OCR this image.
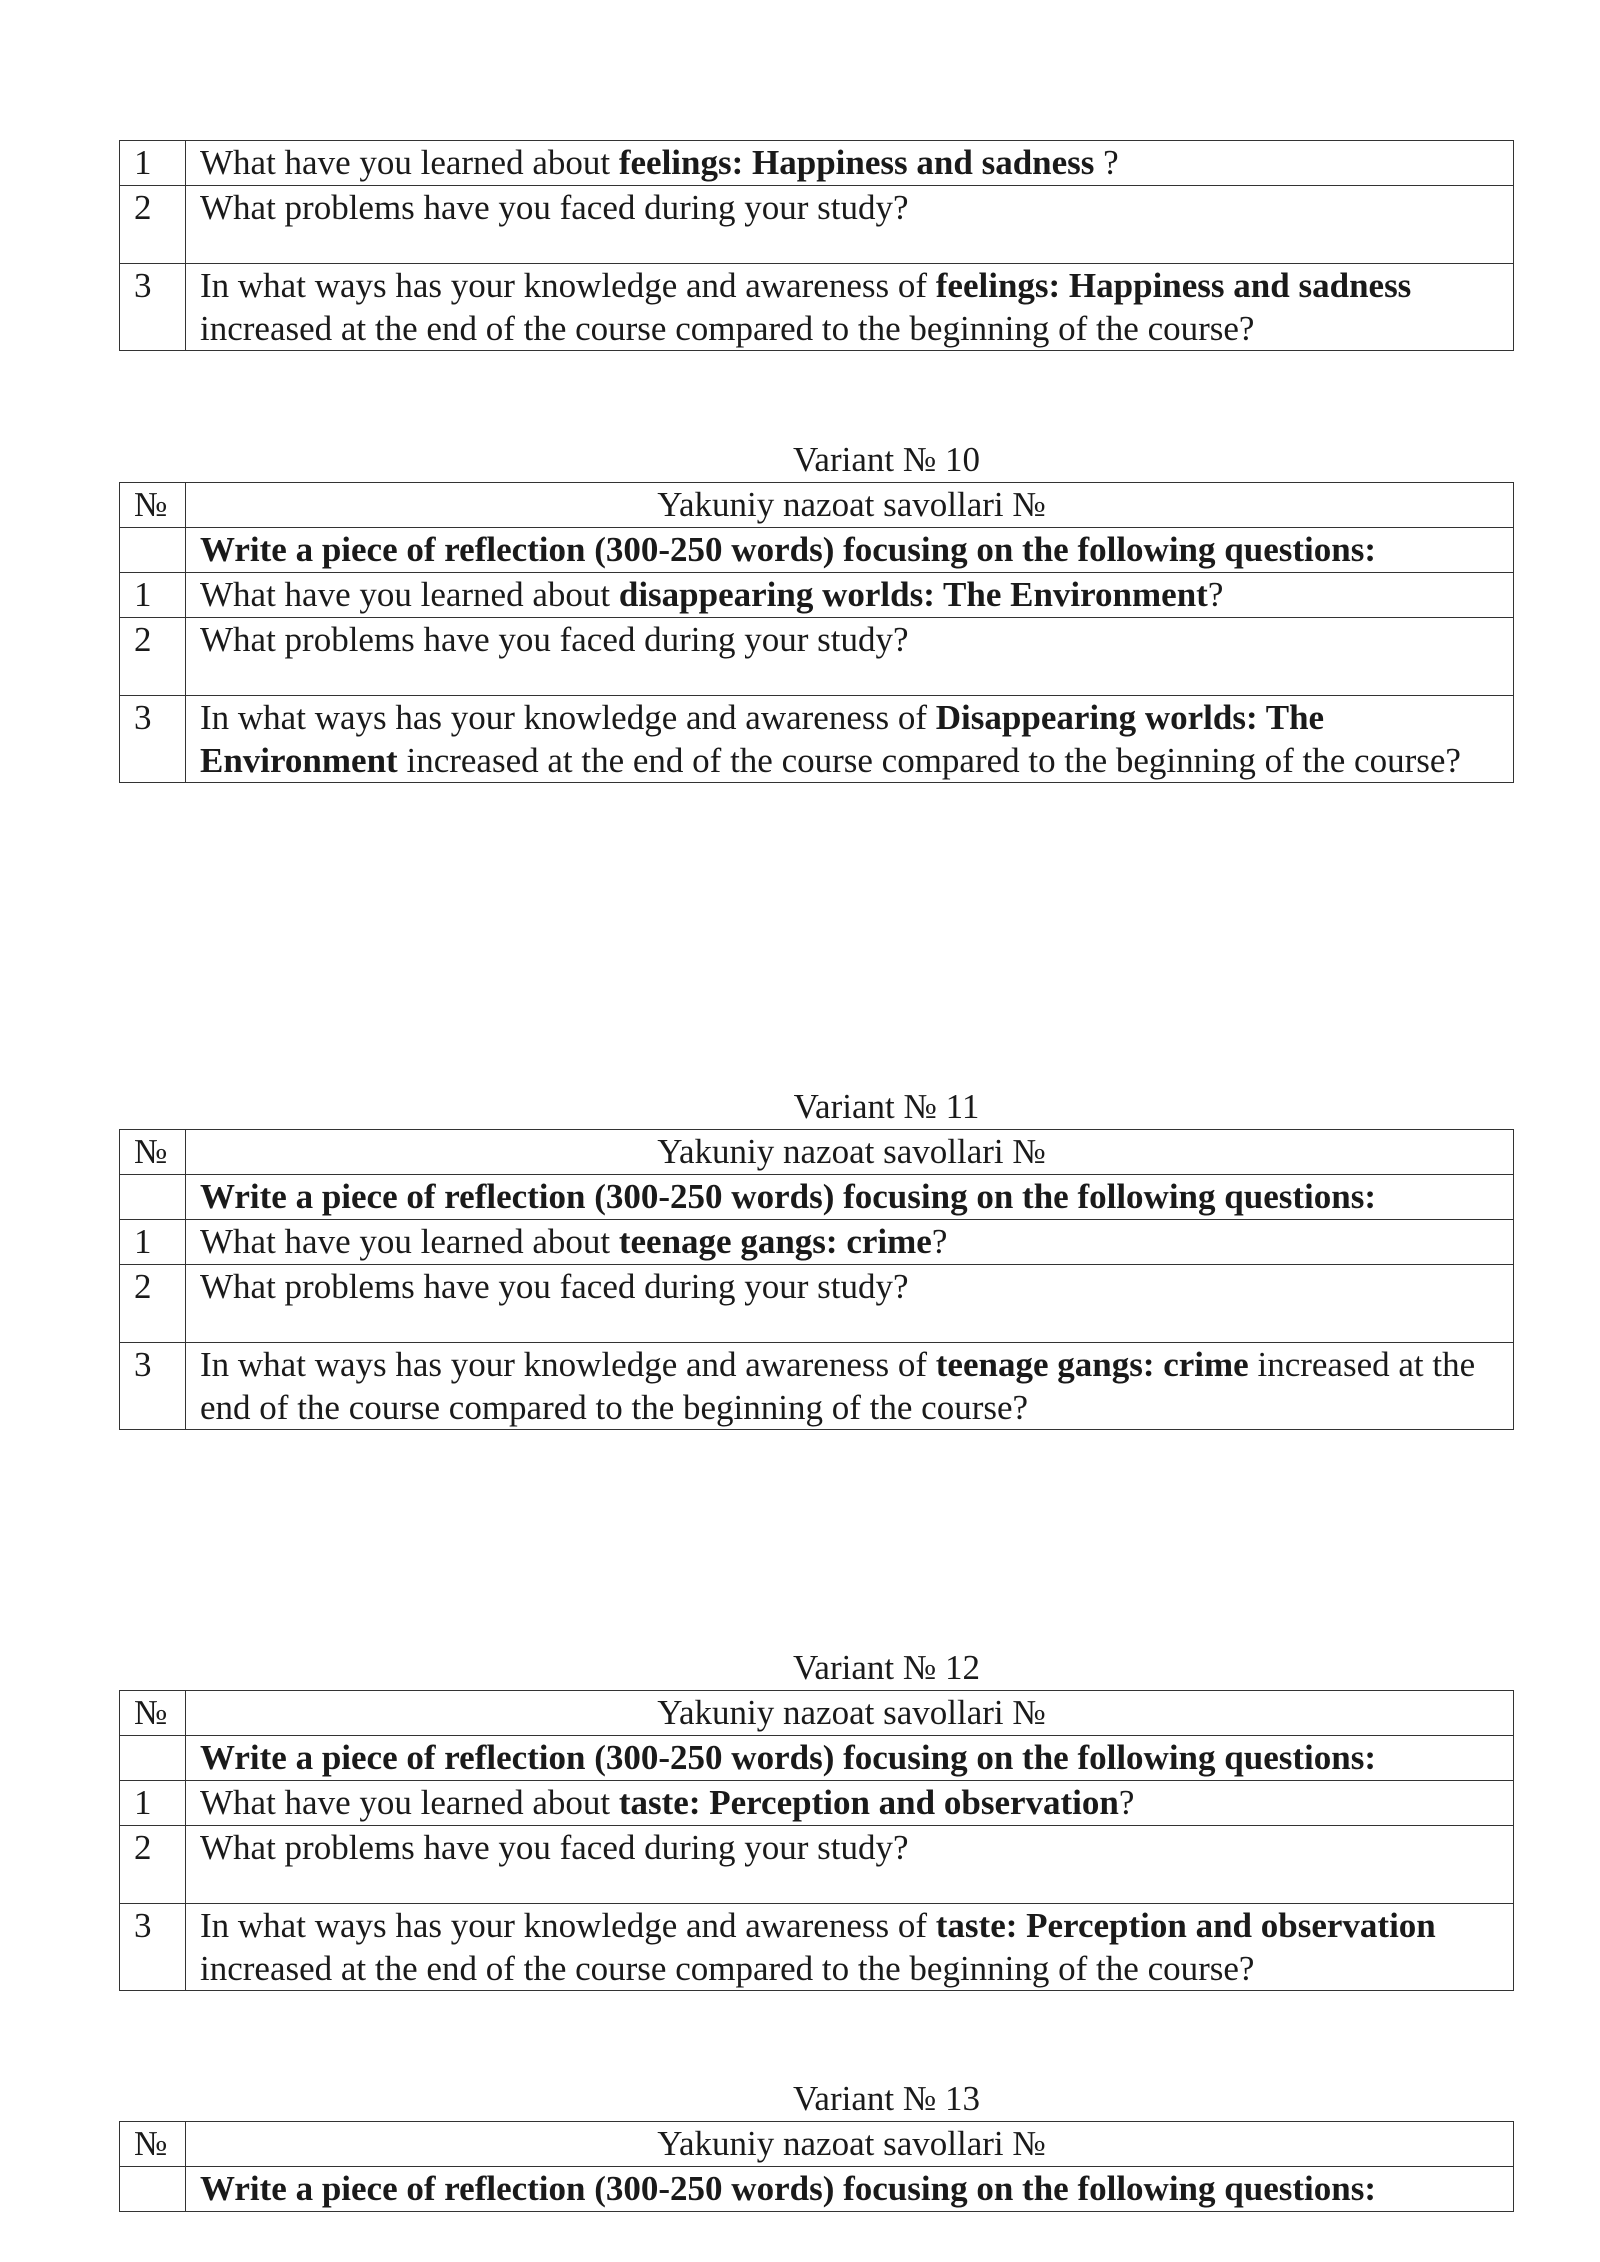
1	What have you learned about feelings: Happiness and sadness ?
2	What problems have you faced during your study?
3	In what ways has your knowledge and awareness of feelings: Happiness and sadness increased at the end of the course compared to the beginning of the course?
Variant № 10
№	Yakuniy nazoat savollari №
	Write a piece of reflection (300-250 words) focusing on the following questions:
1	What have you learned about disappearing worlds: The Environment?
2	What problems have you faced during your study?
3	In what ways has your knowledge and awareness of Disappearing worlds: The Environment increased at the end of the course compared to the beginning of the course?
Variant № 11
№	Yakuniy nazoat savollari №
	Write a piece of reflection (300-250 words) focusing on the following questions:
1	What have you learned about teenage gangs: crime?
2	What problems have you faced during your study?
3	In what ways has your knowledge and awareness of teenage gangs: crime increased at the end of the course compared to the beginning of the course?
Variant № 12
№	Yakuniy nazoat savollari №
	Write a piece of reflection (300-250 words) focusing on the following questions:
1	What have you learned about taste: Perception and observation?
2	What problems have you faced during your study?
3	In what ways has your knowledge and awareness of taste: Perception and observation increased at the end of the course compared to the beginning of the course?
Variant № 13
№	Yakuniy nazoat savollari №
	Write a piece of reflection (300-250 words) focusing on the following questions:
